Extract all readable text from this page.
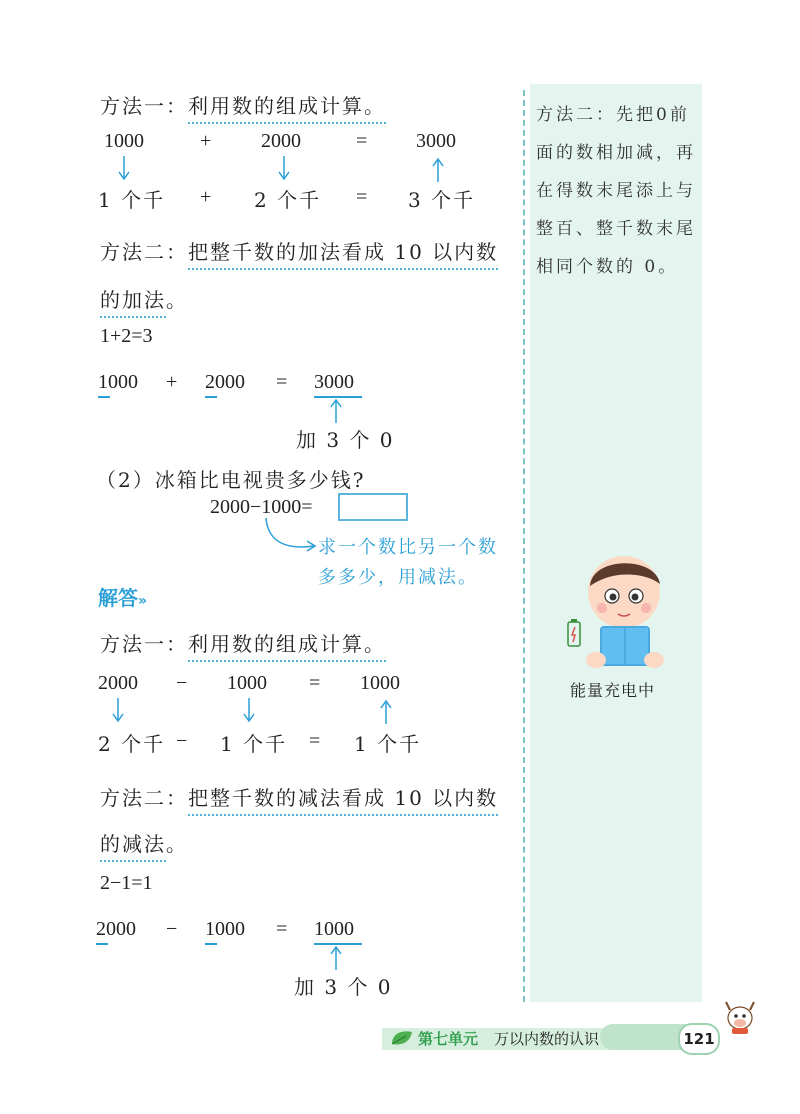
方法二：先把0前面的数相加减，再在得数末尾添上与整百、整千数末尾相同个数的 0。
方法一：利用数的组成计算。
1000	+ 2000	= 3000
1 个千 + 2 个千 = 3 个千
方法二：把整千数的加法看成 10 以内数
的加法。
1+2=3
1000 + 2000 = 3000
加 3 个 0
（2）冰箱比电视贵多少钱?
2000−1000=
求一个数比另一个数
多多少，用减法。
解答»
方法一：利用数的组成计算。
2000 − 1000 = 1000
2 个千 − 1 个千 = 1 个千
方法二：把整千数的减法看成 10 以内数
的减法。
2−1=1
2000 − 1000 = 1000
加 3 个 0
能量充电中
第七单元 万以内数的认识	121
